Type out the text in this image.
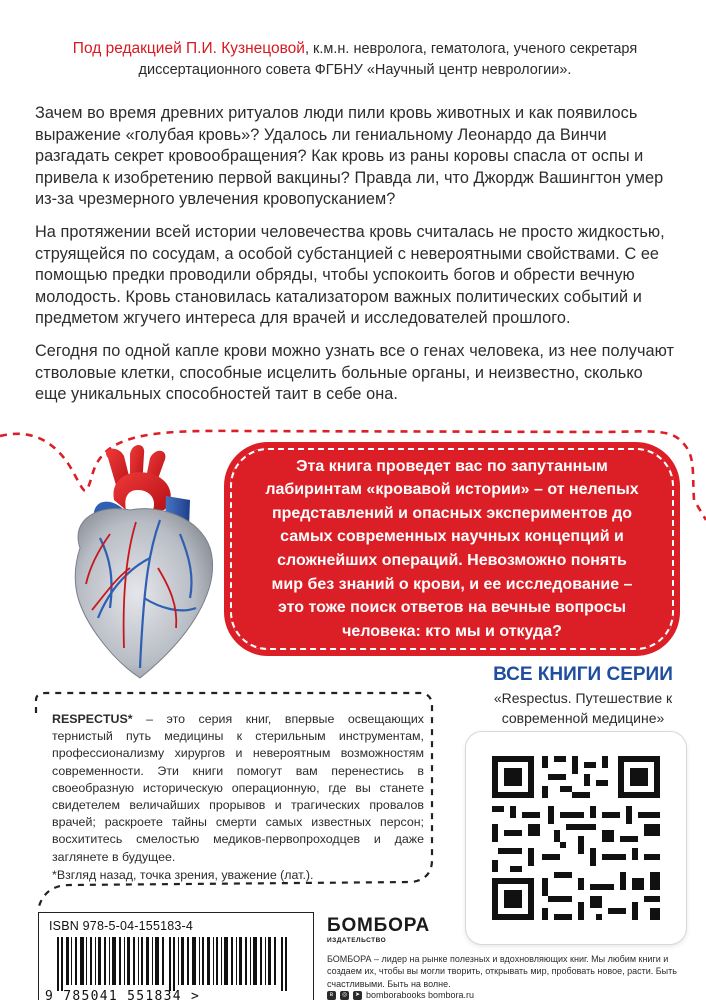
Под редакцией П.И. Кузнецовой, к.м.н. невролога, гематолога, ученого секретаря диссертационного совета ФГБНУ «Научный центр неврологии».

Зачем во время древних ритуалов люди пили кровь животных и как появилось выражение «голубая кровь»? Удалось ли гениальному Леонардо да Винчи разгадать секрет кровообращения? Как кровь из раны коровы спасла от оспы и привела к изобретению первой вакцины? Правда ли, что Джордж Вашингтон умер из-за чрезмерного увлечения кровопусканием?

На протяжении всей истории человечества кровь считалась не просто жидкостью, струящейся по сосудам, а особой субстанцией с невероятными свойствами. С ее помощью предки проводили обряды, чтобы успокоить богов и обрести вечную молодость. Кровь становилась катализатором важных политических событий и предметом жгучего интереса для врачей и исследователей прошлого.

Сегодня по одной капле крови можно узнать все о генах человека, из нее получают стволовые клетки, способные исцелить больные органы, и неизвестно, сколько еще уникальных способностей таит в себе она.

Эта книга проведет вас по запутанным лабиринтам «кровавой истории» – от нелепых представлений и опасных экспериментов до самых современных научных концепций и сложнейших операций. Невозможно понять мир без знаний о крови, и ее исследование – это тоже поиск ответов на вечные вопросы человека: кто мы и откуда?

ВСЕ КНИГИ СЕРИИ
«Respectus. Путешествие к современной медицине»
RESPECTUS* – это серия книг, впервые освещающих тернистый путь медицины к стерильным инструментам, профессионализму хирургов и невероятным возможностям современности. Эти книги помогут вам перенестись в своеобразную историческую операционную, где вы станете свидетелем величайших прорывов и трагических провалов врачей; раскроете тайны смерти самых известных персон; восхититесь смелостью медиков-первопроходцев и даже заглянете в будущее.
*Взгляд назад, точка зрения, уважение (лат.).
ISBN 978-5-04-155183-4
9 785041 551834 >
БОМБОРА
ИЗДАТЕЛЬСТВО
БОМБОРА – лидер на рынке полезных и вдохновляющих книг. Мы любим книги и создаем их, чтобы вы могли творить, открывать мир, пробовать новое, расти. Быть счастливыми. Быть на волне.
в	◎	➤ bomborabooks bombora.ru
